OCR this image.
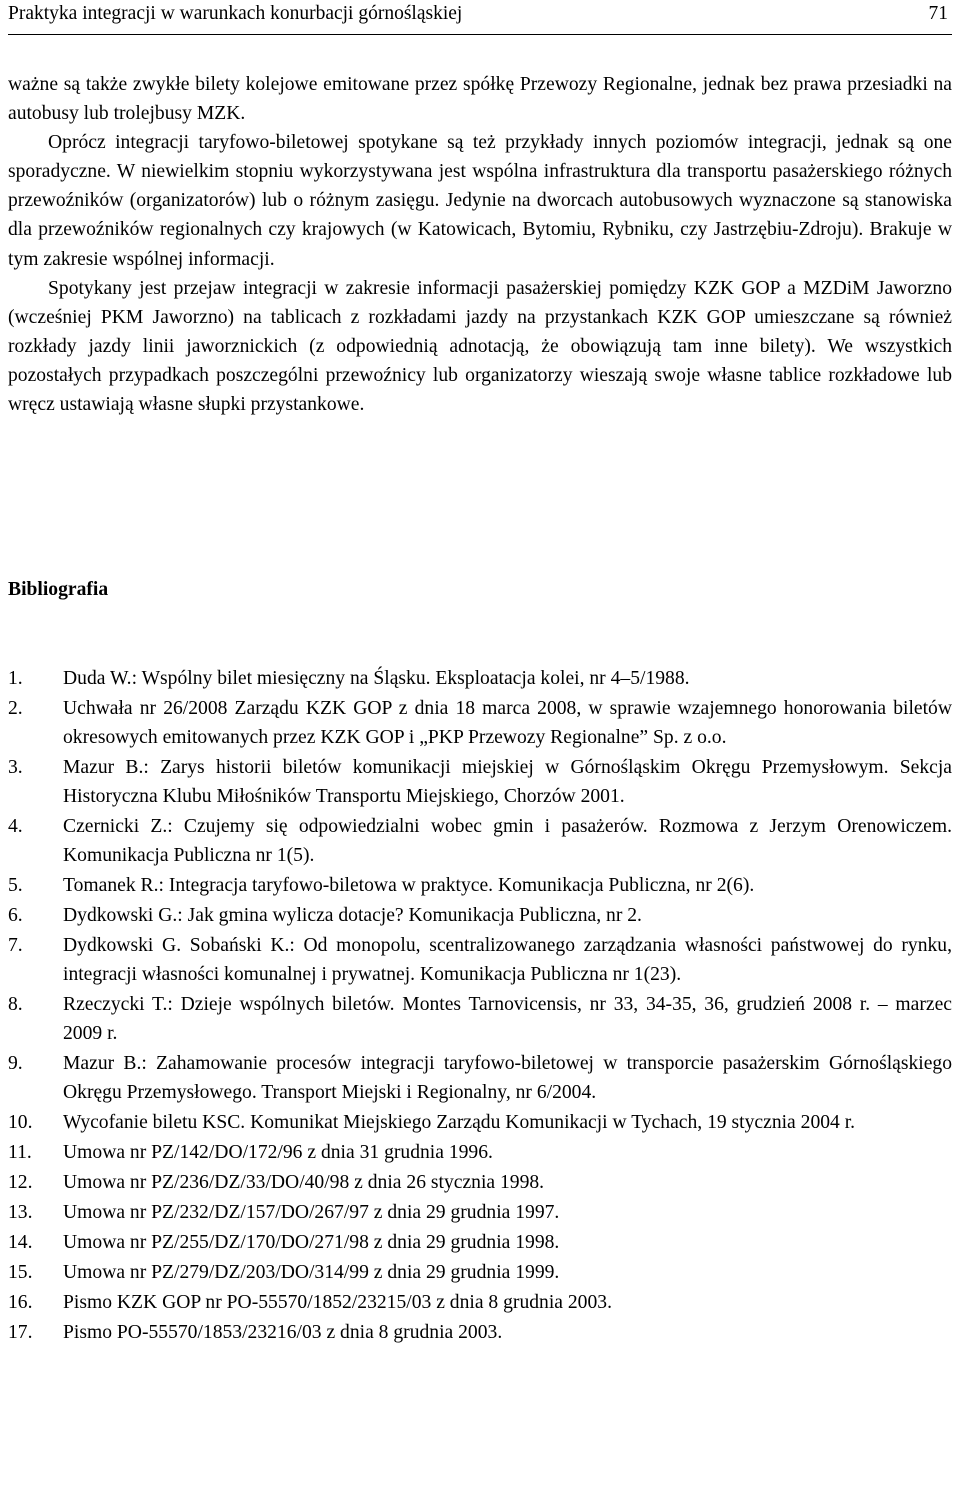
Praktyka integracji w warunkach konurbacji górnośląskiej	71

ważne są także zwykłe bilety kolejowe emitowane przez spółkę Przewozy Regionalne, jednak bez prawa przesiadki na autobusy lub trolejbusy MZK.

Oprócz integracji taryfowo-biletowej spotykane są też przykłady innych poziomów integracji, jednak są one sporadyczne. W niewielkim stopniu wykorzystywana jest wspólna infrastruktura dla transportu pasażerskiego różnych przewoźników (organizatorów) lub o różnym zasięgu. Jedynie na dworcach autobusowych wyznaczone są stanowiska dla przewoźników regionalnych czy krajowych (w Katowicach, Bytomiu, Rybniku, czy Jastrzębiu-Zdroju). Brakuje w tym zakresie wspólnej informacji.

Spotykany jest przejaw integracji w zakresie informacji pasażerskiej pomiędzy KZK GOP a MZDiM Jaworzno (wcześniej PKM Jaworzno) na tablicach z rozkładami jazdy na przystankach KZK GOP umieszczane są również rozkłady jazdy linii jaworznickich (z odpowiednią adnotacją, że obowiązują tam inne bilety). We wszystkich pozostałych przypadkach poszczególni przewoźnicy lub organizatorzy wieszają swoje własne tablice rozkładowe lub wręcz ustawiają własne słupki przystankowe.

Bibliografia
1.	Duda W.: Wspólny bilet miesięczny na Śląsku. Eksploatacja kolei, nr 4–5/1988.
2.	Uchwała nr 26/2008 Zarządu KZK GOP z dnia 18 marca 2008, w sprawie wzajemnego honorowania biletów okresowych emitowanych przez KZK GOP i „PKP Przewozy Regionalne” Sp. z o.o.
3.	Mazur B.: Zarys historii biletów komunikacji miejskiej w Górnośląskim Okręgu Przemysłowym. Sekcja Historyczna Klubu Miłośników Transportu Miejskiego, Chorzów 2001.
4.	Czernicki Z.: Czujemy się odpowiedzialni wobec gmin i pasażerów. Rozmowa z Jerzym Orenowiczem. Komunikacja Publiczna nr 1(5).
5.	Tomanek R.: Integracja taryfowo-biletowa w praktyce. Komunikacja Publiczna, nr 2(6).
6.	Dydkowski G.: Jak gmina wylicza dotacje? Komunikacja Publiczna, nr 2.
7.	Dydkowski G. Sobański K.: Od monopolu, scentralizowanego zarządzania własności państwowej do rynku, integracji własności komunalnej i prywatnej. Komunikacja Publiczna nr 1(23).
8.	Rzeczycki T.: Dzieje wspólnych biletów. Montes Tarnovicensis, nr 33, 34-35, 36, grudzień 2008 r. – marzec 2009 r.
9.	Mazur B.: Zahamowanie procesów integracji taryfowo-biletowej w transporcie pasażerskim Górnośląskiego Okręgu Przemysłowego. Transport Miejski i Regionalny, nr 6/2004.
10.	Wycofanie biletu KSC. Komunikat Miejskiego Zarządu Komunikacji w Tychach, 19 stycznia 2004 r.
11.	Umowa nr PZ/142/DO/172/96 z dnia 31 grudnia 1996.
12.	Umowa nr PZ/236/DZ/33/DO/40/98 z dnia 26 stycznia 1998.
13.	Umowa nr PZ/232/DZ/157/DO/267/97 z dnia 29 grudnia 1997.
14.	Umowa nr PZ/255/DZ/170/DO/271/98 z dnia 29 grudnia 1998.
15.	Umowa nr PZ/279/DZ/203/DO/314/99 z dnia 29 grudnia 1999.
16.	Pismo KZK GOP nr PO-55570/1852/23215/03 z dnia 8 grudnia 2003.
17.	Pismo PO-55570/1853/23216/03 z dnia 8 grudnia 2003.
